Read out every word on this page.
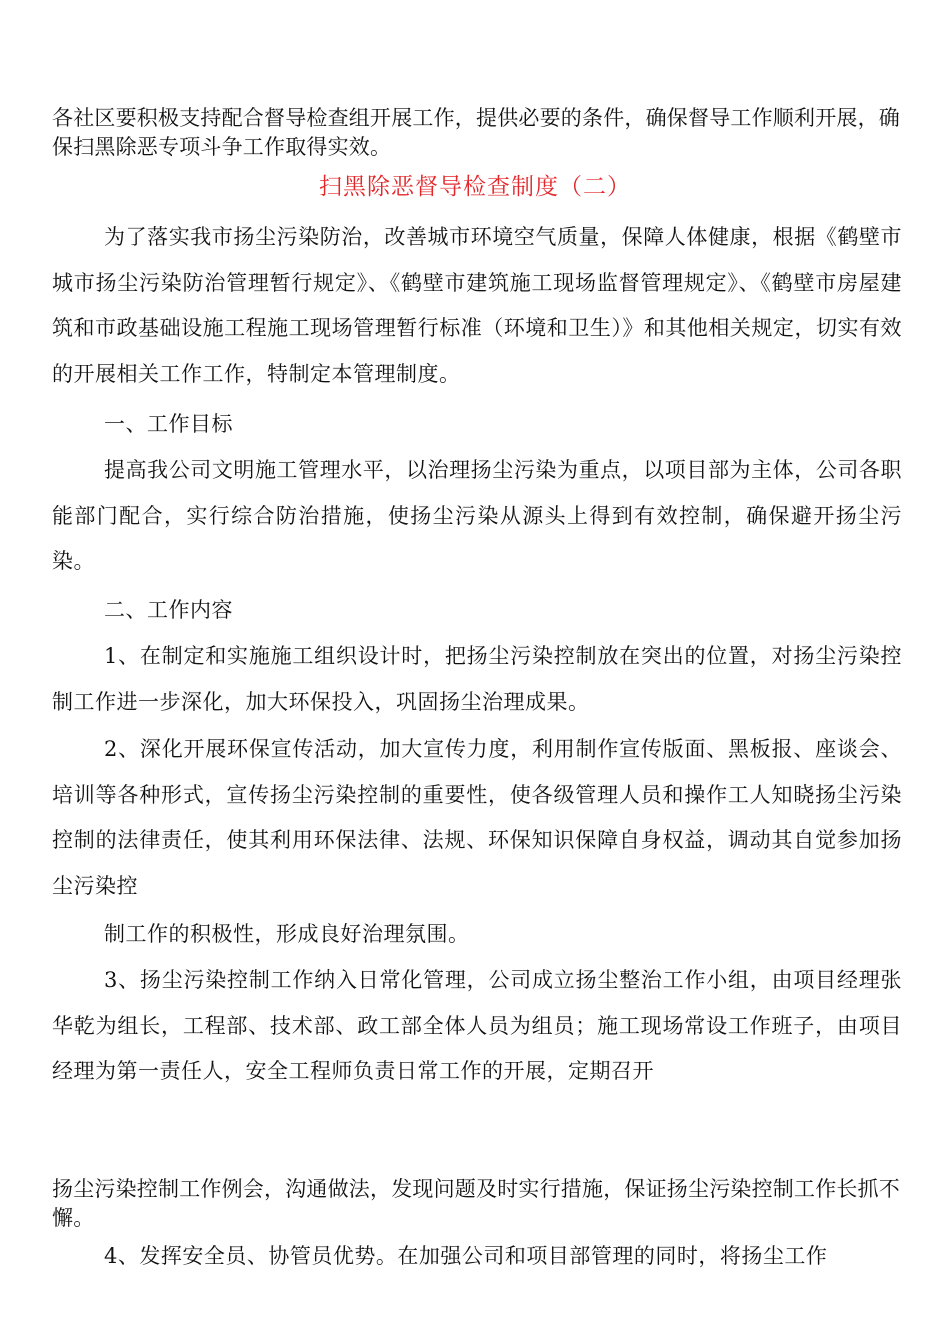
各社区要积极支持配合督导检查组开展工作，提供必要的条件，确保督导工作顺利开展，确保扫黑除恶专项斗争工作取得实效。

扫黑除恶督导检查制度（二）

为了落实我市扬尘污染防治，改善城市环境空气质量，保障人体健康，根据《鹤壁市城市扬尘污染防治管理暂行规定》、《鹤壁市建筑施工现场监督管理规定》、《鹤壁市房屋建筑和市政基础设施工程施工现场管理暂行标准（环境和卫生）》和其他相关规定，切实有效的开展相关工作工作，特制定本管理制度。

一、工作目标

提高我公司文明施工管理水平，以治理扬尘污染为重点，以项目部为主体，公司各职能部门配合，实行综合防治措施，使扬尘污染从源头上得到有效控制，确保避开扬尘污染。

二、工作内容

1、在制定和实施施工组织设计时，把扬尘污染控制放在突出的位置，对扬尘污染控制工作进一步深化，加大环保投入，巩固扬尘治理成果。

2、深化开展环保宣传活动，加大宣传力度，利用制作宣传版面、黑板报、座谈会、培训等各种形式，宣传扬尘污染控制的重要性，使各级管理人员和操作工人知晓扬尘污染控制的法律责任，使其利用环保法律、法规、环保知识保障自身权益，调动其自觉参加扬尘污染控

制工作的积极性，形成良好治理氛围。

3、扬尘污染控制工作纳入日常化管理，公司成立扬尘整治工作小组，由项目经理张华乾为组长，工程部、技术部、政工部全体人员为组员；施工现场常设工作班子，由项目经理为第一责任人，安全工程师负责日常工作的开展，定期召开

扬尘污染控制工作例会，沟通做法，发现问题及时实行措施，保证扬尘污染控制工作长抓不懈。

4、发挥安全员、协管员优势。在加强公司和项目部管理的同时，将扬尘工作
